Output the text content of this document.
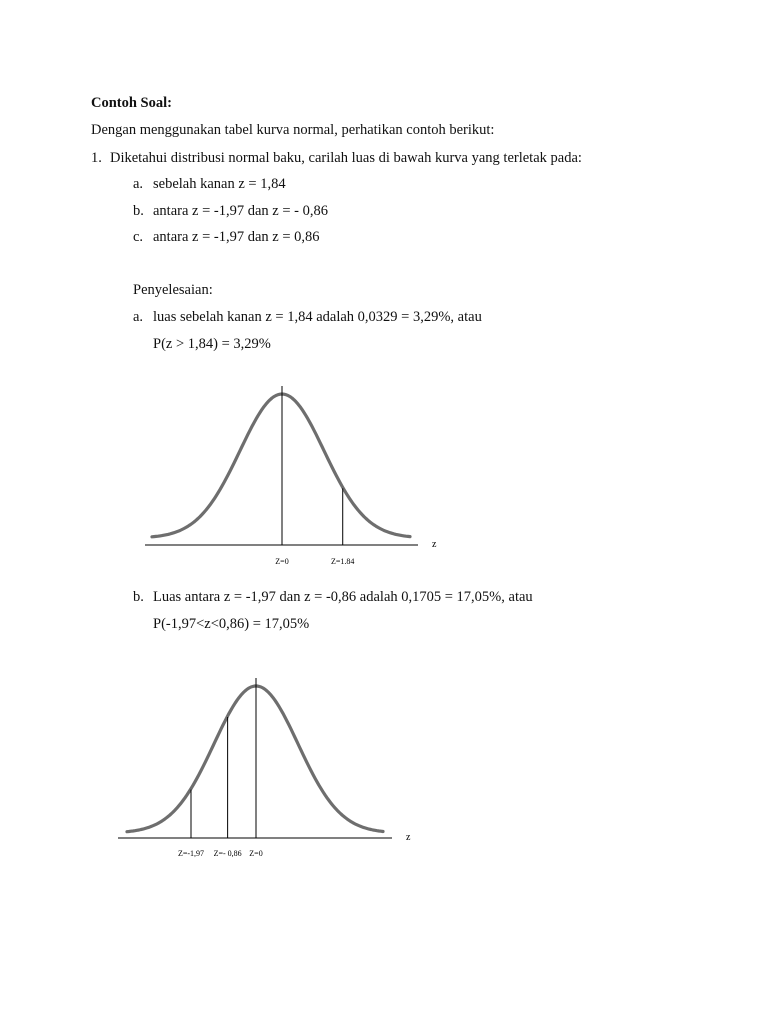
Contoh Soal:
Dengan menggunakan tabel kurva normal, perhatikan contoh berikut:
1. Diketahui distribusi normal baku, carilah luas di bawah kurva yang terletak pada:
a. sebelah kanan z = 1,84
b. antara z = -1,97 dan z = - 0,86
c. antara z = -1,97 dan z = 0,86
Penyelesaian:
a. luas sebelah kanan z = 1,84 adalah 0,0329 = 3,29%, atau
P(z > 1,84) = 3,29%
z
Z=0	Z=1.84
b. Luas antara z = -1,97 dan z = -0,86 adalah 0,1705 = 17,05%, atau
P(-1,97<z<0,86) = 17,05%
z
Z=-1,97 Z=- 0,86 Z=0
